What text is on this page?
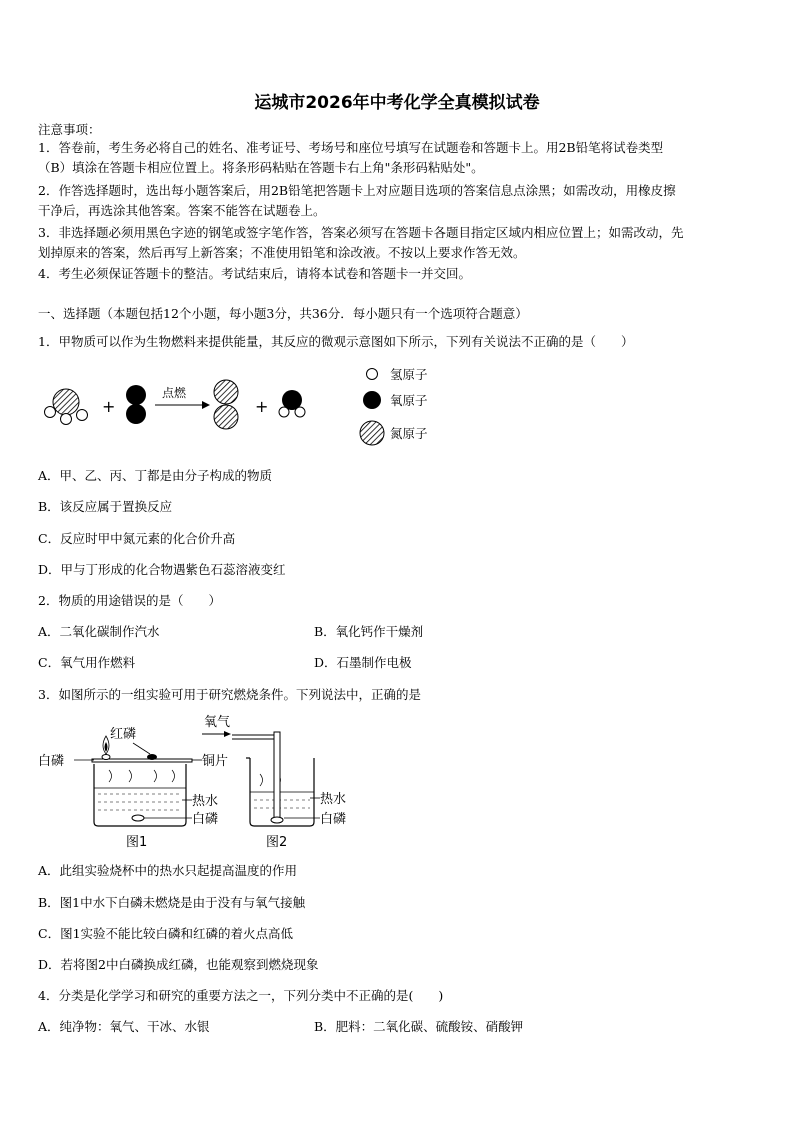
运城市2026年中考化学全真模拟试卷
注意事项：
1．答卷前，考生务必将自己的姓名、准考证号、考场号和座位号填写在试题卷和答题卡上。用2B铅笔将试卷类型
（B）填涂在答题卡相应位置上。将条形码粘贴在答题卡右上角"条形码粘贴处"。
2．作答选择题时，选出每小题答案后，用2B铅笔把答题卡上对应题目选项的答案信息点涂黑；如需改动，用橡皮擦
干净后，再选涂其他答案。答案不能答在试题卷上。
3．非选择题必须用黑色字迹的钢笔或签字笔作答，答案必须写在答题卡各题目指定区域内相应位置上；如需改动，先
划掉原来的答案，然后再写上新答案；不准使用铅笔和涂改液。不按以上要求作答无效。
4．考生必须保证答题卡的整洁。考试结束后，请将本试卷和答题卡一并交回。
一、选择题（本题包括12个小题，每小题3分，共36分．每小题只有一个选项符合题意）
1．甲物质可以作为生物燃料来提供能量，其反应的微观示意图如下所示，下列有关说法不正确的是（　　）
+
点燃
+
氢原子
氧原子
氮原子
A．甲、乙、丙、丁都是由分子构成的物质
B．该反应属于置换反应
C．反应时甲中氮元素的化合价升高
D．甲与丁形成的化合物遇紫色石蕊溶液变红
2．物质的用途错误的是（　　）
A．二氧化碳制作汽水	B．氧化钙作干燥剂
C．氧气用作燃料	D．石墨制作电极
3．如图所示的一组实验可用于研究燃烧条件。下列说法中，正确的是
红磷
白磷	铜片
热水
白磷
图1
氧气
热水
白磷
图2
A．此组实验烧杯中的热水只起提高温度的作用
B．图1中水下白磷未燃烧是由于没有与氧气接触
C．图1实验不能比较白磷和红磷的着火点高低
D．若将图2中白磷换成红磷，也能观察到燃烧现象
4．分类是化学学习和研究的重要方法之一，下列分类中不正确的是(　　)
A．纯净物：氧气、干冰、水银	B．肥料：二氧化碳、硫酸铵、硝酸钾
